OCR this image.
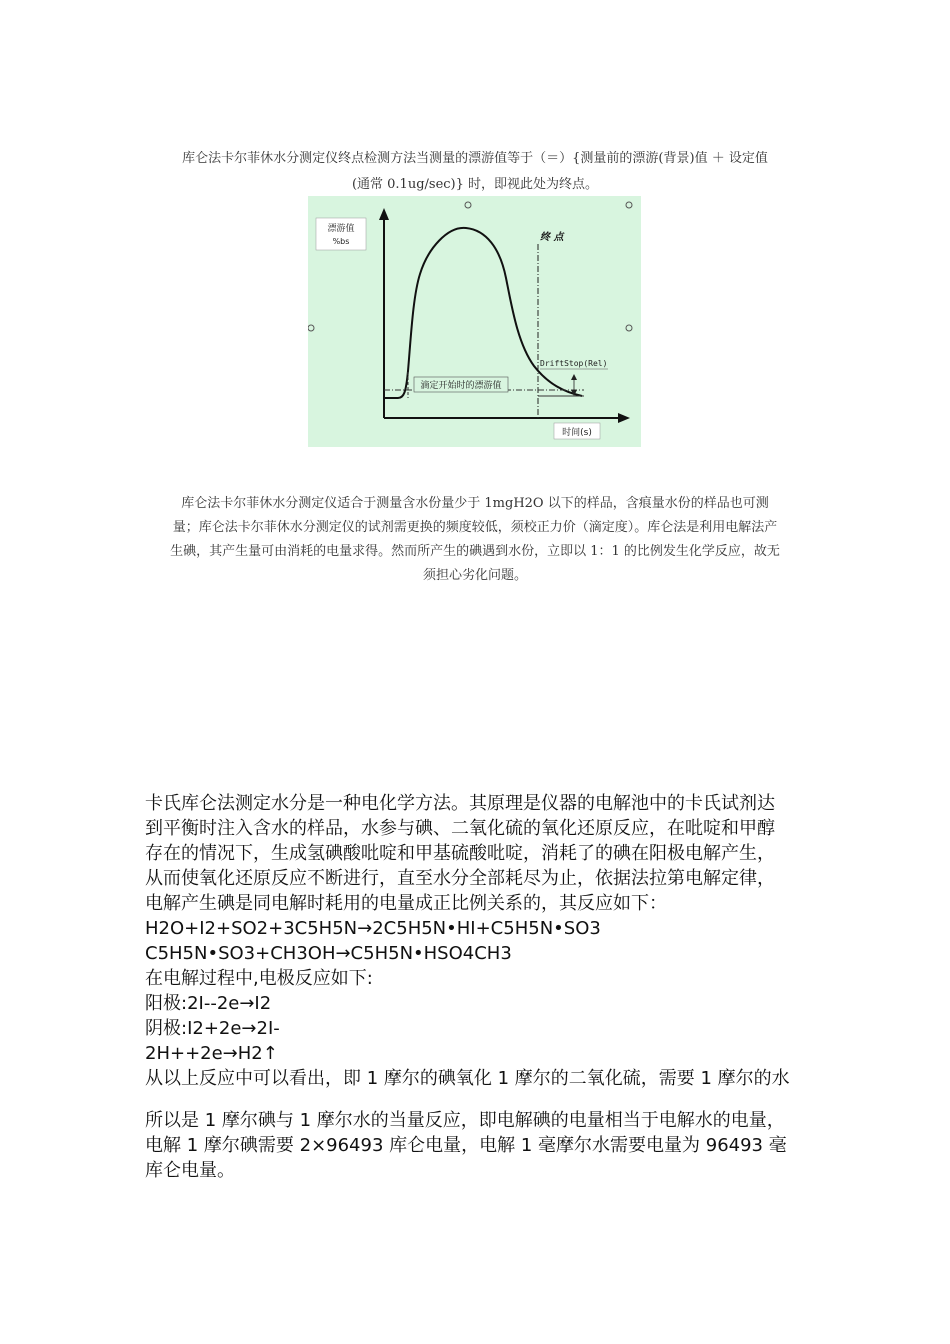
库仑法卡尔菲休水分测定仪终点检测方法当测量的漂游值等于（＝）{测量前的漂游(背景)值 ＋ 设定值

(通常 0.1ug/sec)} 时，即视此处为终点。

漂游值
%bs	终 点
滴定开始时的漂游值
DriftStop(Rel)
时间(s)

库仑法卡尔菲休水分测定仪适合于测量含水份量少于 1mgH2O 以下的样品，含痕量水份的样品也可测

量；库仑法卡尔菲休水分测定仪的试剂需更换的频度较低，须校正力价（滴定度）。库仑法是利用电解法产

生碘，其产生量可由消耗的电量求得。然而所产生的碘遇到水份，立即以 1：1 的比例发生化学反应，故无

须担心劣化问题。

卡氏库仑法测定水分是一种电化学方法。其原理是仪器的电解池中的卡氏试剂达

到平衡时注入含水的样品，水参与碘、二氧化硫的氧化还原反应，在吡啶和甲醇

存在的情况下，生成氢碘酸吡啶和甲基硫酸吡啶，消耗了的碘在阳极电解产生，

从而使氧化还原反应不断进行，直至水分全部耗尽为止，依据法拉第电解定律，

电解产生碘是同电解时耗用的电量成正比例关系的，其反应如下：

H2O+I2+SO2+3C5H5N→2C5H5N•HI+C5H5N•SO3

C5H5N•SO3+CH3OH→C5H5N•HSO4CH3

在电解过程中,电极反应如下:

阳极:2I--2e→I2

阴极:I2+2e→2I-

2H++2e→H2↑

从以上反应中可以看出，即 1 摩尔的碘氧化 1 摩尔的二氧化硫，需要 1 摩尔的水

所以是 1 摩尔碘与 1 摩尔水的当量反应，即电解碘的电量相当于电解水的电量，

电解 1 摩尔碘需要 2×96493 库仑电量，电解 1 毫摩尔水需要电量为 96493 毫

库仑电量。
